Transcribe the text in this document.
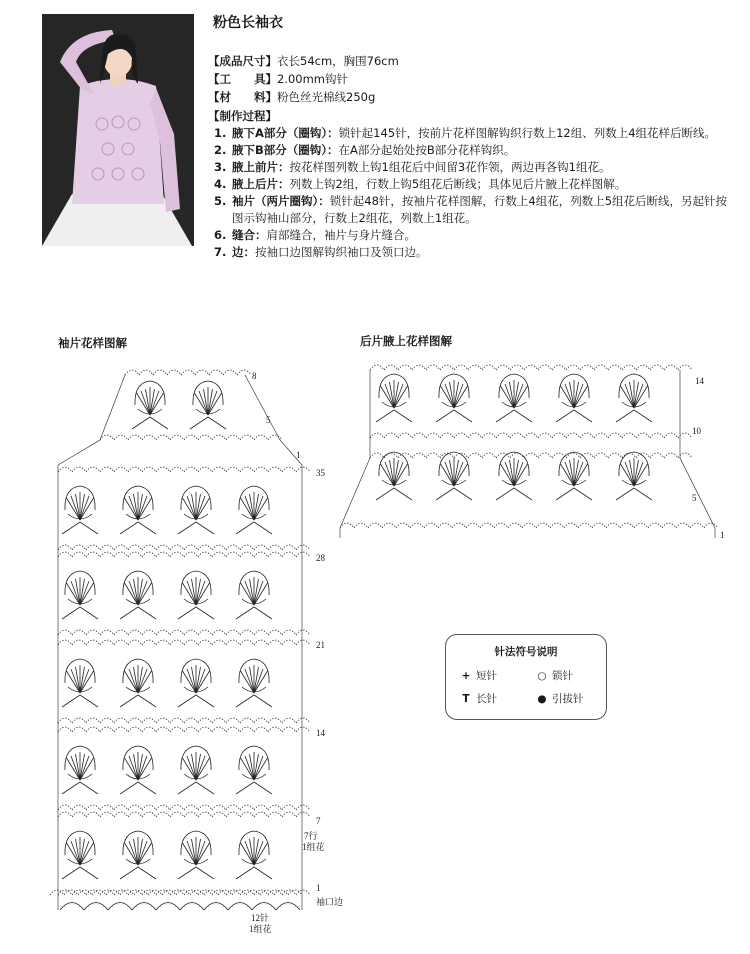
粉色长袖衣
【成品尺寸】衣长54cm，胸围76cm
【工　　具】2.00mm钩针
【材　　料】粉色丝光棉线250g
【制作过程】
1. 腋下A部分（圈钩）：锁针起145针，按前片花样图解钩织行数上12组、列数上4组花样后断线。
2. 腋下B部分（圈钩）：在A部分起始处按B部分花样钩织。
3. 腋上前片：按花样图列数上钩1组花后中间留3花作领，两边再各钩1组花。
4. 腋上后片：列数上钩2组，行数上钩5组花后断线；具体见后片腋上花样图解。
5. 袖片（两片圈钩）：锁针起48针，按袖片花样图解，行数上4组花，列数上5组花后断线，另起针按图示钩袖山部分，行数上2组花，列数上1组花。
6. 缝合：肩部缝合，袖片与身片缝合。
7. 边：按袖口边图解钩织袖口及领口边。
袖片花样图解	后片腋上花样图解
8
5
1
35
28
21
14
7
1
袖口边
7行
1组花
12针
1组花
14
10
5
1
针法符号说明
+ 短针	○ 锁针
T 长针	● 引拔针
